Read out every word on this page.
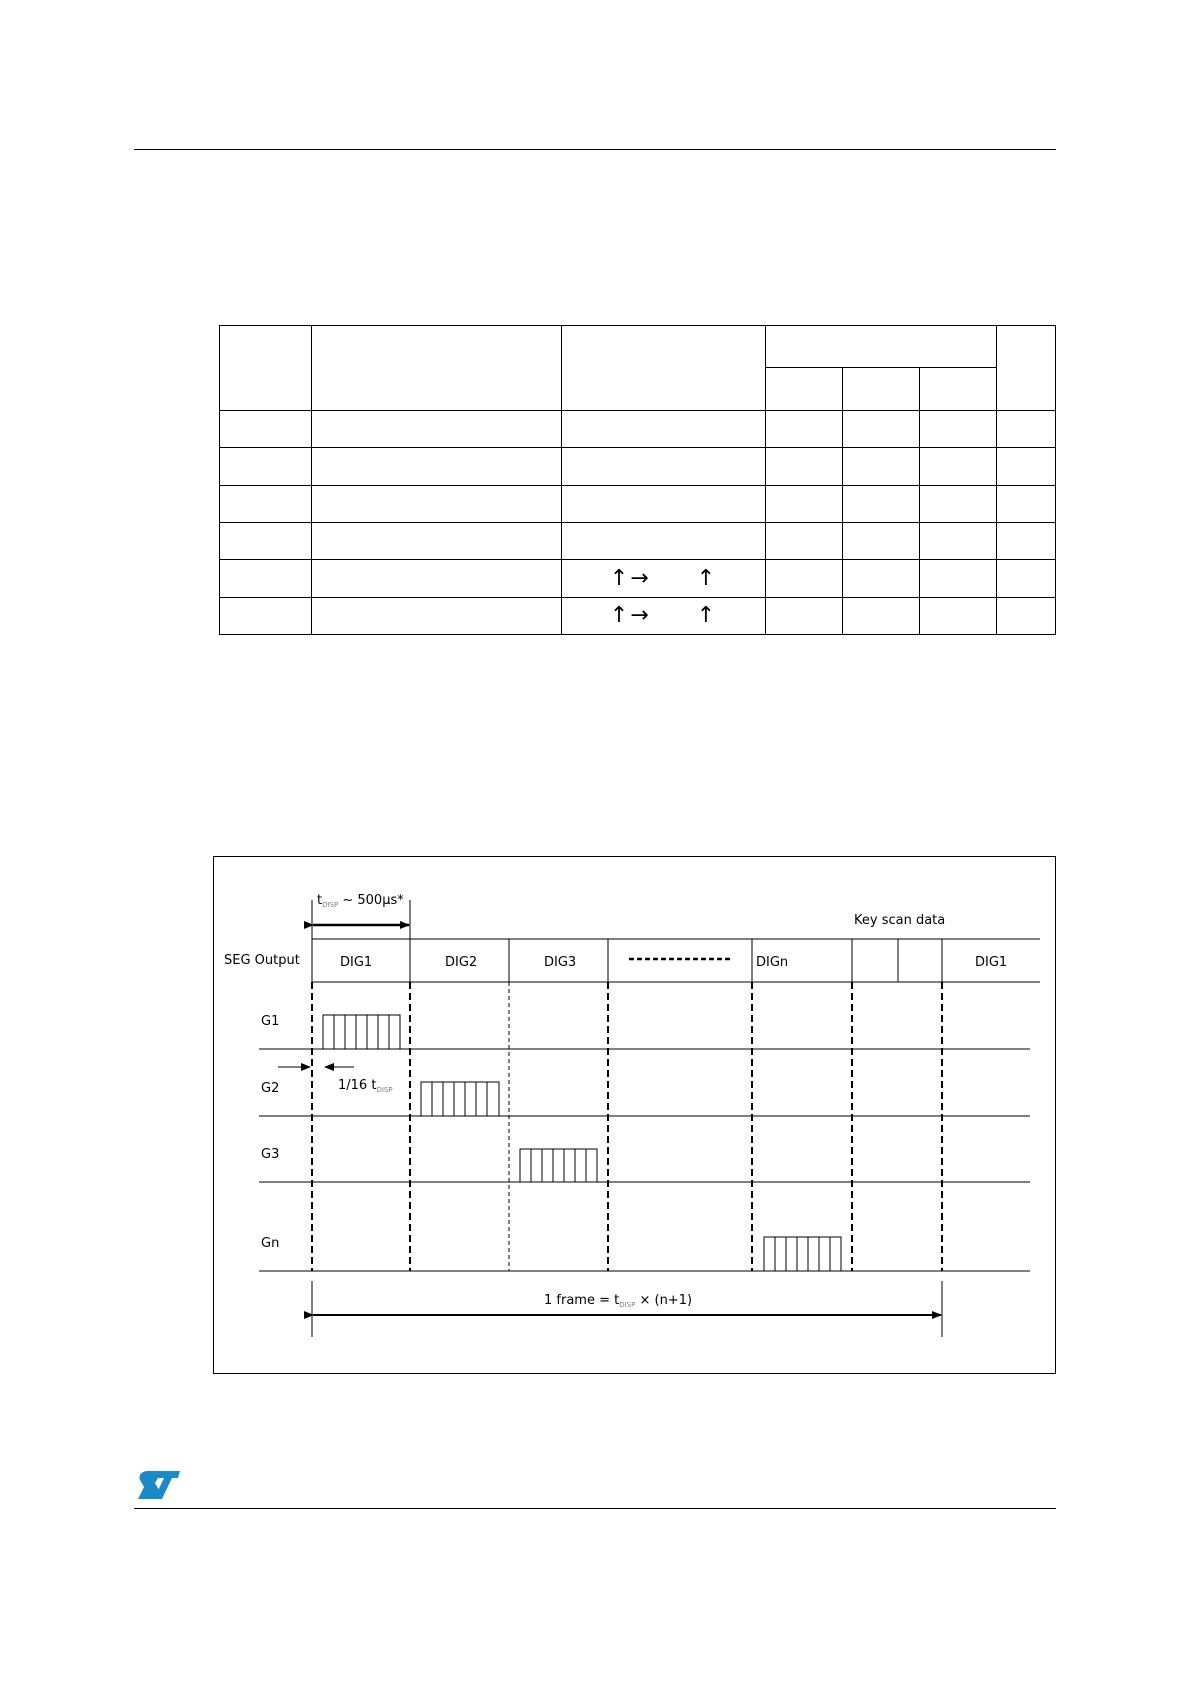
		↑→ ↑				
		↑→ ↑				
$t_{DISP}$ ~ 500μs*
Key scan data
SEG Output	DIG1	DIG2	DIG3	DIGn	DIG1
G1
G2
G3
Gn
1/16 $t_{DISP}$
1 frame = $t_{DISP} \times (n+1)$
